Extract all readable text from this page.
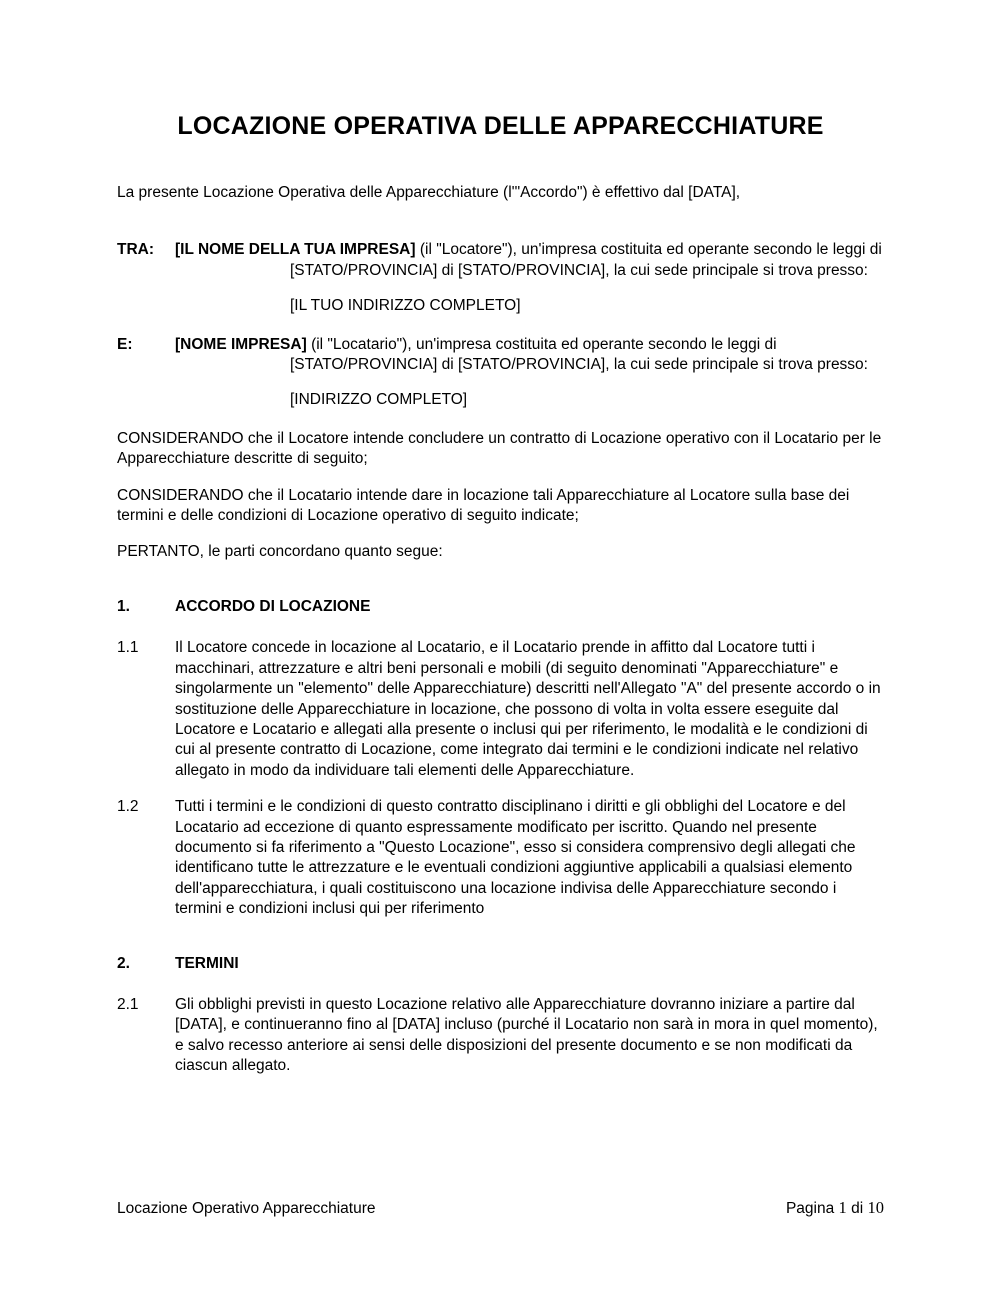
LOCAZIONE OPERATIVA DELLE APPARECCHIATURE

La presente Locazione Operativa delle Apparecchiature (l'"Accordo") è effettivo dal [DATA],

TRA: [IL NOME DELLA TUA IMPRESA] (il "Locatore"), un'impresa costituita ed operante secondo le leggi di [STATO/PROVINCIA] di [STATO/PROVINCIA], la cui sede principale si trova presso:

[IL TUO INDIRIZZO COMPLETO]

E:	[NOME IMPRESA] (il "Locatario"), un'impresa costituita ed operante secondo le leggi di [STATO/PROVINCIA] di [STATO/PROVINCIA], la cui sede principale si trova presso:

[INDIRIZZO COMPLETO]

CONSIDERANDO che il Locatore intende concludere un contratto di Locazione operativo con il Locatario per le Apparecchiature descritte di seguito;

CONSIDERANDO che il Locatario intende dare in locazione tali Apparecchiature al Locatore sulla base dei termini e delle condizioni di Locazione operativo di seguito indicate;

PERTANTO, le parti concordano quanto segue:

1.	ACCORDO DI LOCAZIONE
1.1 Il Locatore concede in locazione al Locatario, e il Locatario prende in affitto dal Locatore tutti i macchinari, attrezzature e altri beni personali e mobili (di seguito denominati "Apparecchiature" e singolarmente un "elemento" delle Apparecchiature) descritti nell'Allegato "A" del presente accordo o in sostituzione delle Apparecchiature in locazione, che possono di volta in volta essere eseguite dal Locatore e Locatario e allegati alla presente o inclusi qui per riferimento, le modalità e le condizioni di cui al presente contratto di Locazione, come integrato dai termini e le condizioni indicate nel relativo allegato in modo da individuare tali elementi delle Apparecchiature.

1.2 Tutti i termini e le condizioni di questo contratto disciplinano i diritti e gli obblighi del Locatore e del Locatario ad eccezione di quanto espressamente modificato per iscritto. Quando nel presente documento si fa riferimento a "Questo Locazione", esso si considera comprensivo degli allegati che identificano tutte le attrezzature e le eventuali condizioni aggiuntive applicabili a qualsiasi elemento dell'apparecchiatura, i quali costituiscono una locazione indivisa delle Apparecchiature secondo i termini e condizioni inclusi qui per riferimento

2.	TERMINI
2.1 Gli obblighi previsti in questo Locazione relativo alle Apparecchiature dovranno iniziare a partire dal [DATA], e continueranno fino al [DATA] incluso (purché il Locatario non sarà in mora in quel momento), e salvo recesso anteriore ai sensi delle disposizioni del presente documento e se non modificati da ciascun allegato.

Locazione Operativo Apparecchiature	Pagina 1 di 10
